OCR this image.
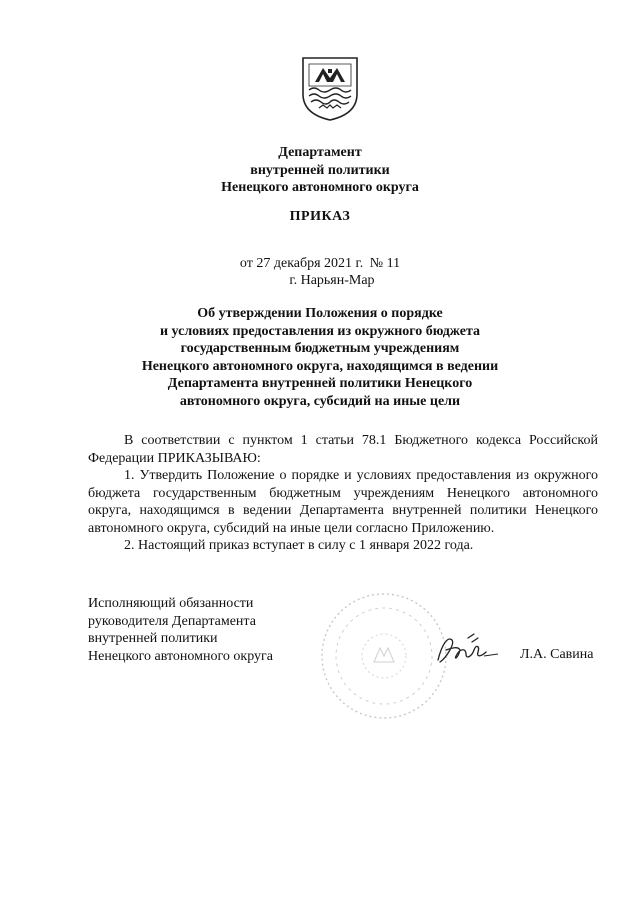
Департамент
внутренней политики
Ненецкого автономного округа
ПРИКАЗ
от 27 декабря 2021 г. № 11
г. Нарьян-Мар
Об утверждении Положения о порядке
и условиях предоставления из окружного бюджета
государственным бюджетным учреждениям
Ненецкого автономного округа, находящимся в ведении
Департамента внутренней политики Ненецкого
автономного округа, субсидий на иные цели

В соответствии с пунктом 1 статьи 78.1 Бюджетного кодекса Российской Федерации ПРИКАЗЫВАЮ:

1. Утвердить Положение о порядке и условиях предоставления из окружного бюджета государственным бюджетным учреждениям Ненецкого автономного округа, находящимся в ведении Департамента внутренней политики Ненецкого автономного округа, субсидий на иные цели согласно Приложению.

2. Настоящий приказ вступает в силу с 1 января 2022 года.

Исполняющий обязанности
руководителя Департамента
внутренней политики
Ненецкого автономного округа	Л.А. Савина
